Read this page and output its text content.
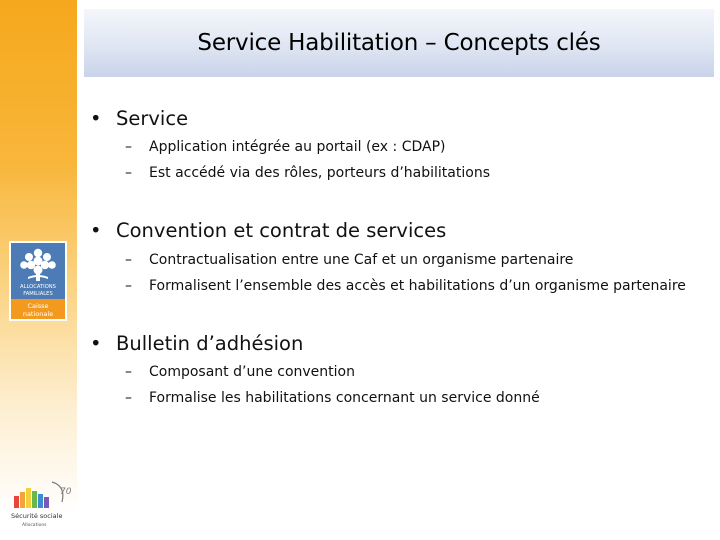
ALLOCATIONS
FAMILIALES
Caisse
nationale
70
Sécurité sociale
Allocations
Service Habilitation – Concepts clés
• Service
– Application intégrée au portail (ex : CDAP)
– Est accédé via des rôles, porteurs d’habilitations
• Convention et contrat de services
– Contractualisation entre une Caf et un organisme partenaire
– Formalisent l’ensemble des accès et habilitations d’un organisme partenaire
• Bulletin d’adhésion
– Composant d’une convention
– Formalise les habilitations concernant un service donné
